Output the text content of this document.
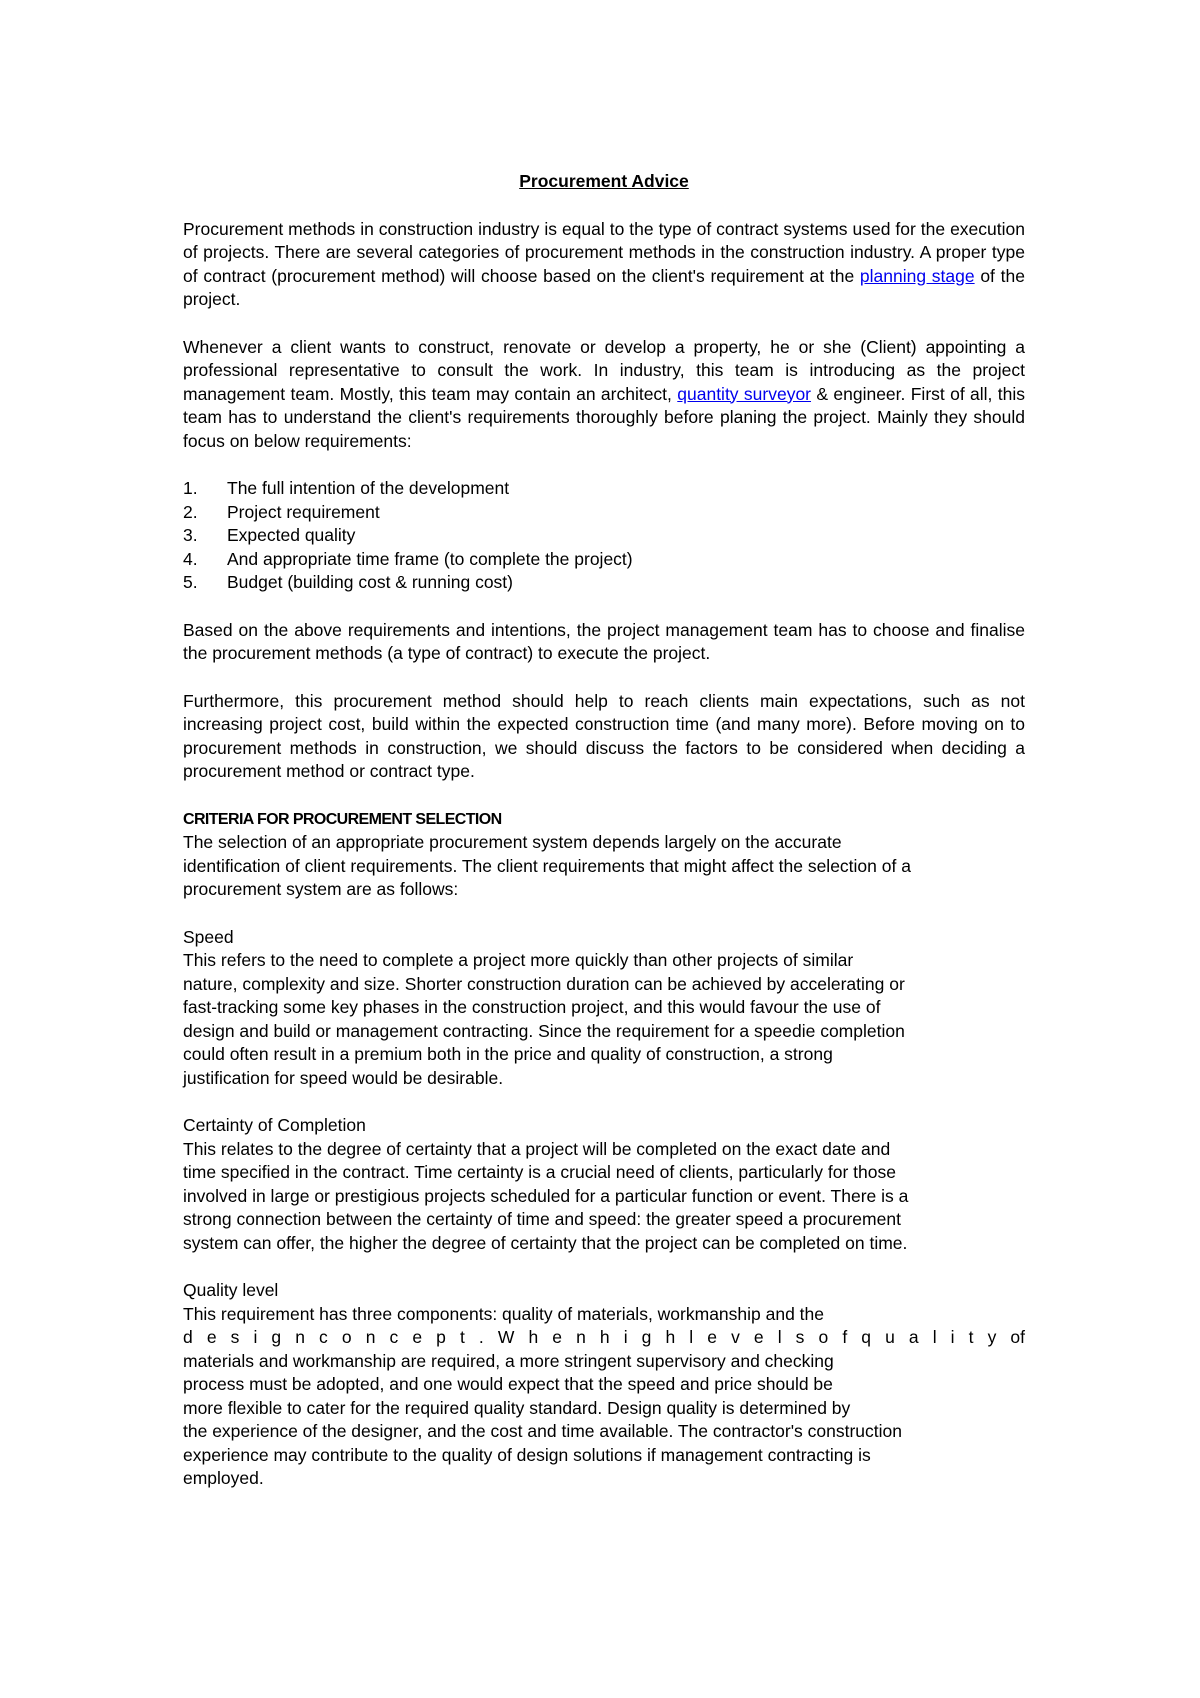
Procurement Advice

Procurement methods in construction industry is equal to the type of contract systems used for the execution of projects. There are several categories of procurement methods in the construction industry. A proper type of contract (procurement method) will choose based on the client's requirement at the planning stage of the project.

Whenever a client wants to construct, renovate or develop a property, he or she (Client) appointing a professional representative to consult the work. In industry, this team is introducing as the project management team. Mostly, this team may contain an architect, quantity surveyor & engineer. First of all, this team has to understand the client's requirements thoroughly before planing the project. Mainly they should focus on below requirements:

1.	The full intention of the development
2.	Project requirement
3.	Expected quality
4.	And appropriate time frame (to complete the project)
5.	Budget (building cost & running cost)

Based on the above requirements and intentions, the project management team has to choose and finalise the procurement methods (a type of contract) to execute the project.

Furthermore, this procurement method should help to reach clients main expectations, such as not increasing project cost, build within the expected construction time (and many more). Before moving on to procurement methods in construction, we should discuss the factors to be considered when deciding a procurement method or contract type.

CRITERIA FOR PROCUREMENT SELECTION
The selection of an appropriate procurement system depends largely on the accurate
identification of client requirements. The client requirements that might affect the selection of a
procurement system are as follows:
Speed
This refers to the need to complete a project more quickly than other projects of similar
nature, complexity and size. Shorter construction duration can be achieved by accelerating or
fast-tracking some key phases in the construction project, and this would favour the use of
design and build or management contracting. Since the requirement for a speedie completion
could often result in a premium both in the price and quality of construction, a strong
justification for speed would be desirable.
Certainty of Completion
This relates to the degree of certainty that a project will be completed on the exact date and
time specified in the contract. Time certainty is a crucial need of clients, particularly for those
involved in large or prestigious projects scheduled for a particular function or event. There is a
strong connection between the certainty of time and speed: the greater speed a procurement
system can offer, the higher the degree of certainty that the project can be completed on time.
Quality level
This requirement has three components: quality of materials, workmanship and the
d e s i g n c o n c e p t . W h e n h i g h l e v e l s o f q u a l i t y of
materials and workmanship are required, a more stringent supervisory and checking
process must be adopted, and one would expect that the speed and price should be
more flexible to cater for the required quality standard. Design quality is determined by
the experience of the designer, and the cost and time available. The contractor's construction
experience may contribute to the quality of design solutions if management contracting is
employed.
